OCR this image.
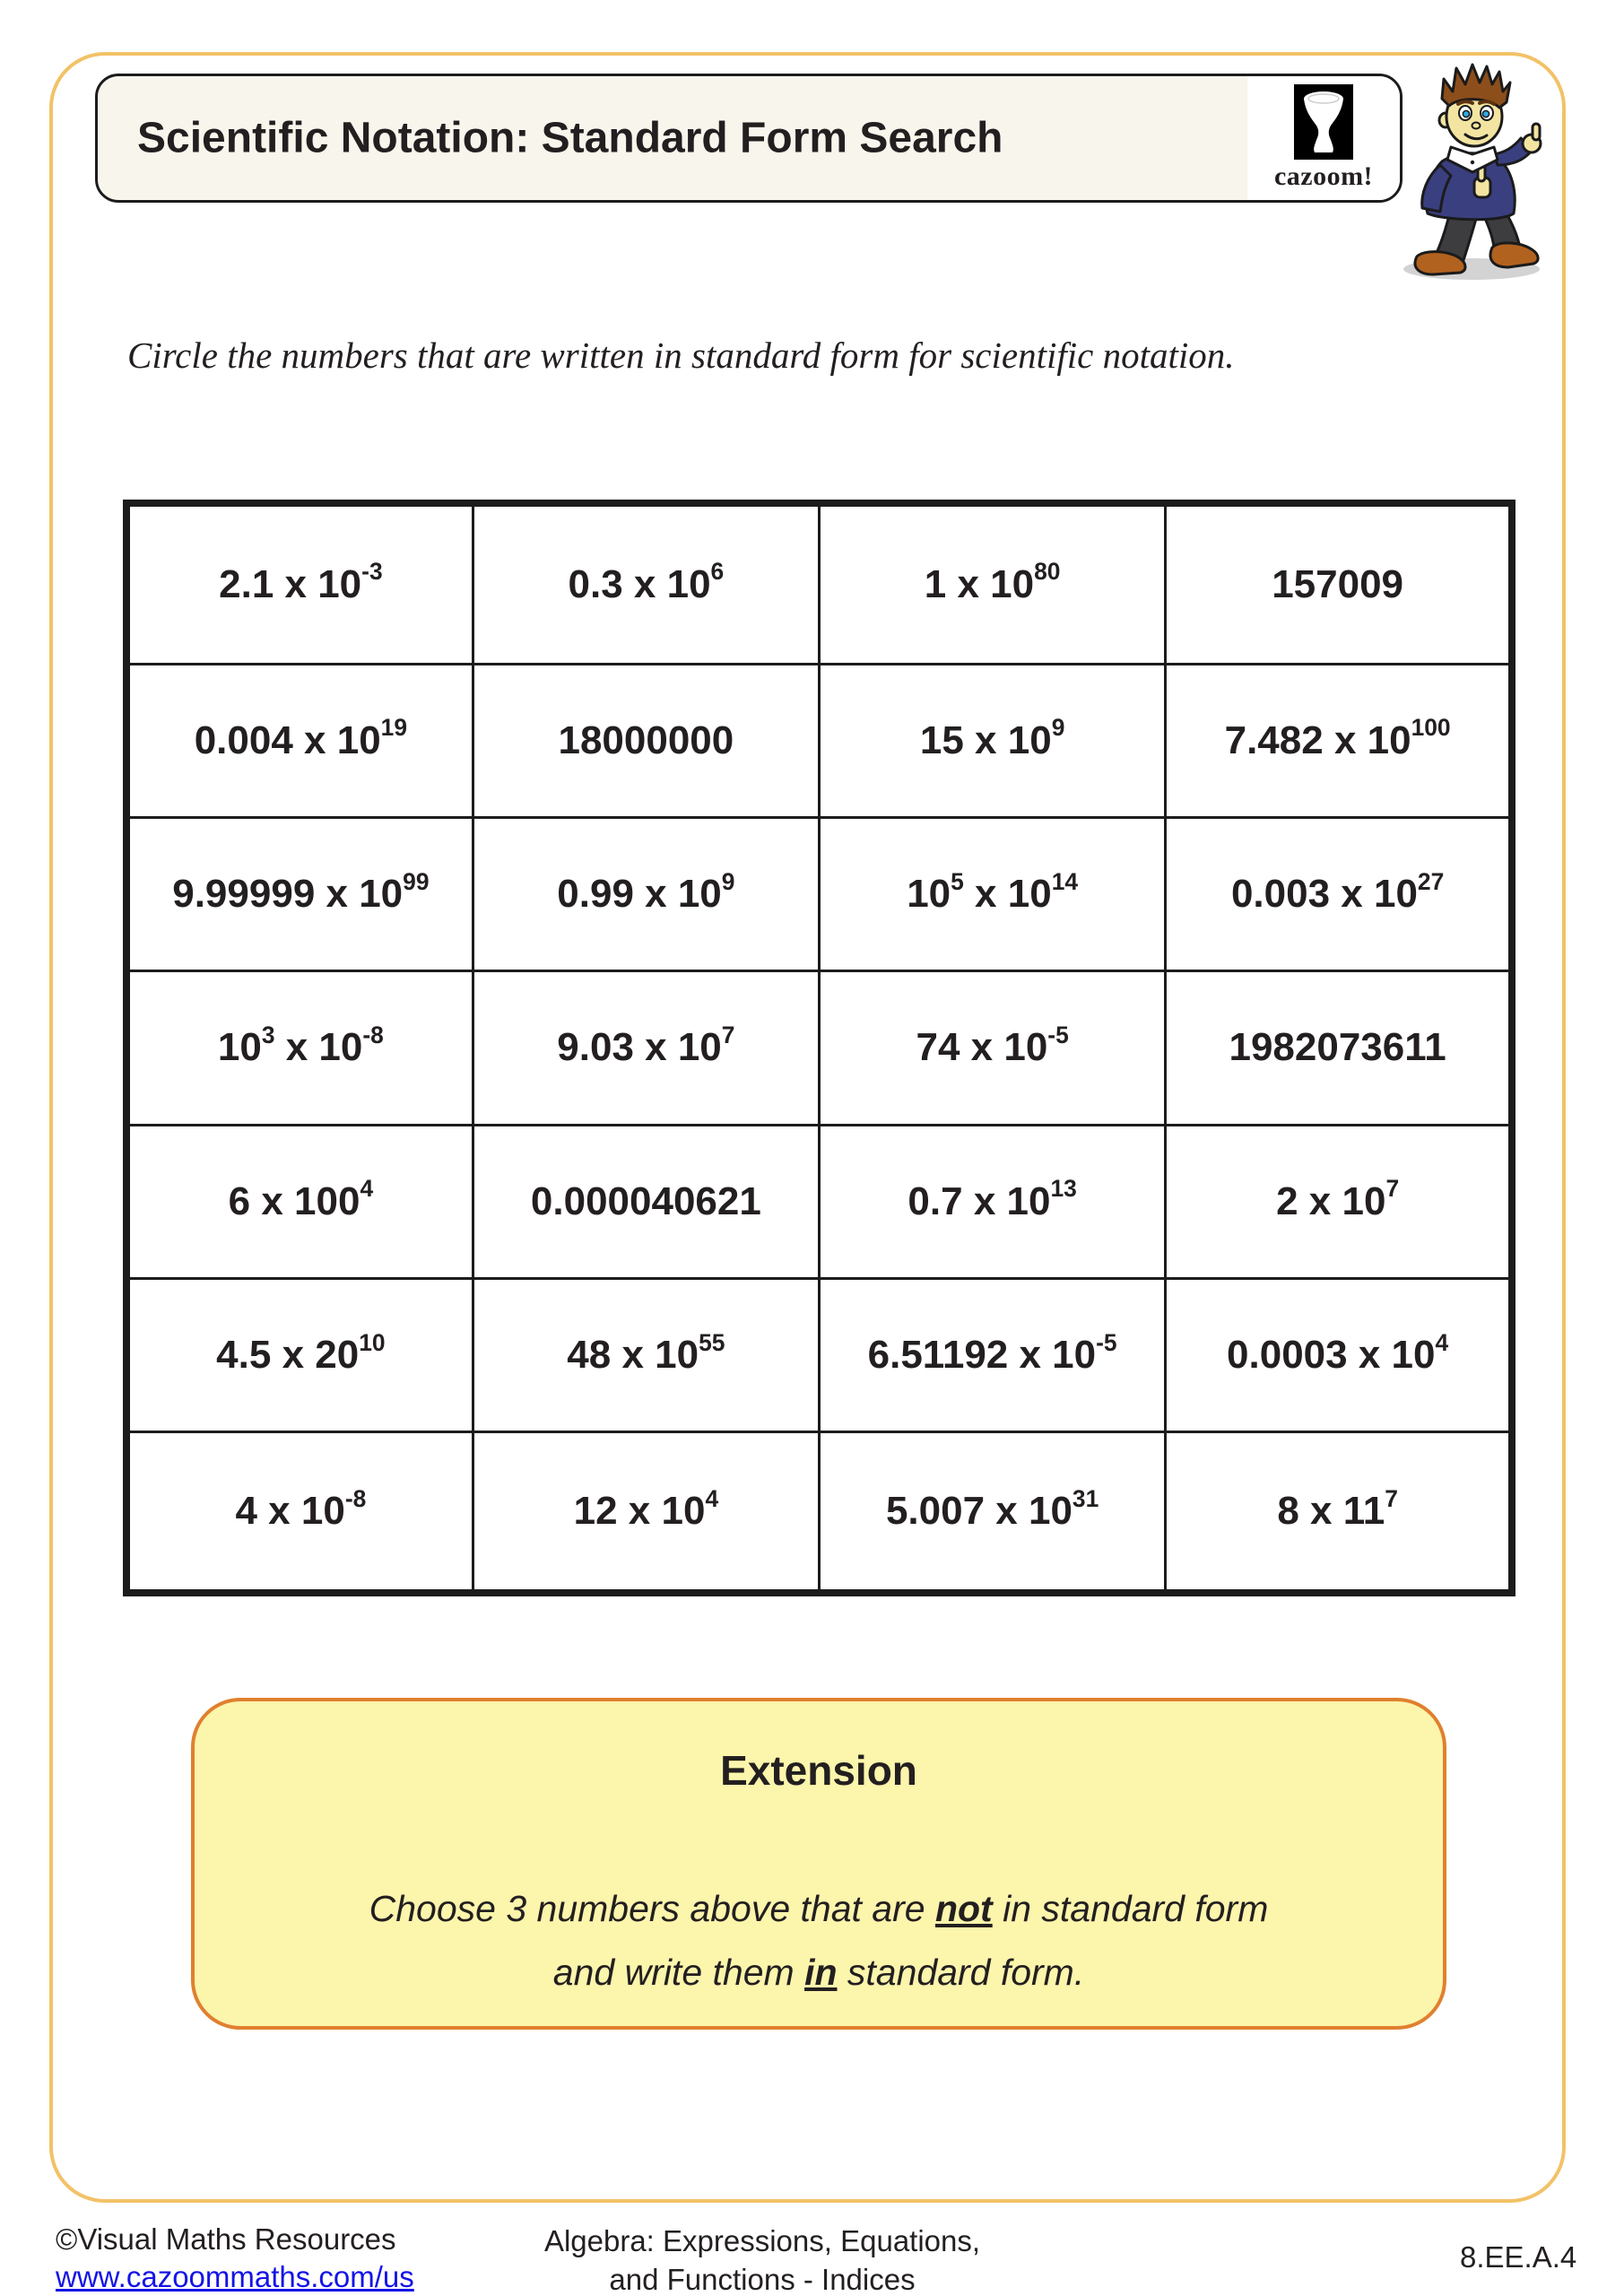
Scientific Notation: Standard Form Search
cazoom!
Circle the numbers that are written in standard form for scientific notation.
2.1 x $10^{-3}$	0.3 x $10^6$	1 x $10^{80}$	157009
0.004 x $10^{19}$	18000000	15 x $10^9$	7.482 x $10^{100}$
9.99999 x $10^{99}$	0.99 x $10^9$	$10^5$ x $10^{14}$	0.003 x $10^{27}$
$10^3$ x $10^{-8}$	9.03 x $10^7$	74 x $10^{-5}$	1982073611
6 x $100^4$	0.000040621	0.7 x $10^{13}$	2 x $10^7$
4.5 x $20^{10}$	48 x $10^{55}$	6.51192 x $10^{-5}$	0.0003 x $10^4$
4 x $10^{-8}$	12 x $10^4$	5.007 x $10^{31}$	8 x $11^7$
Extension
Choose 3 numbers above that are not in standard form
and write them in standard form.
©Visual Maths Resources
www.cazoommaths.com/us
Algebra: Expressions, Equations,
and Functions - Indices
8.EE.A.4
